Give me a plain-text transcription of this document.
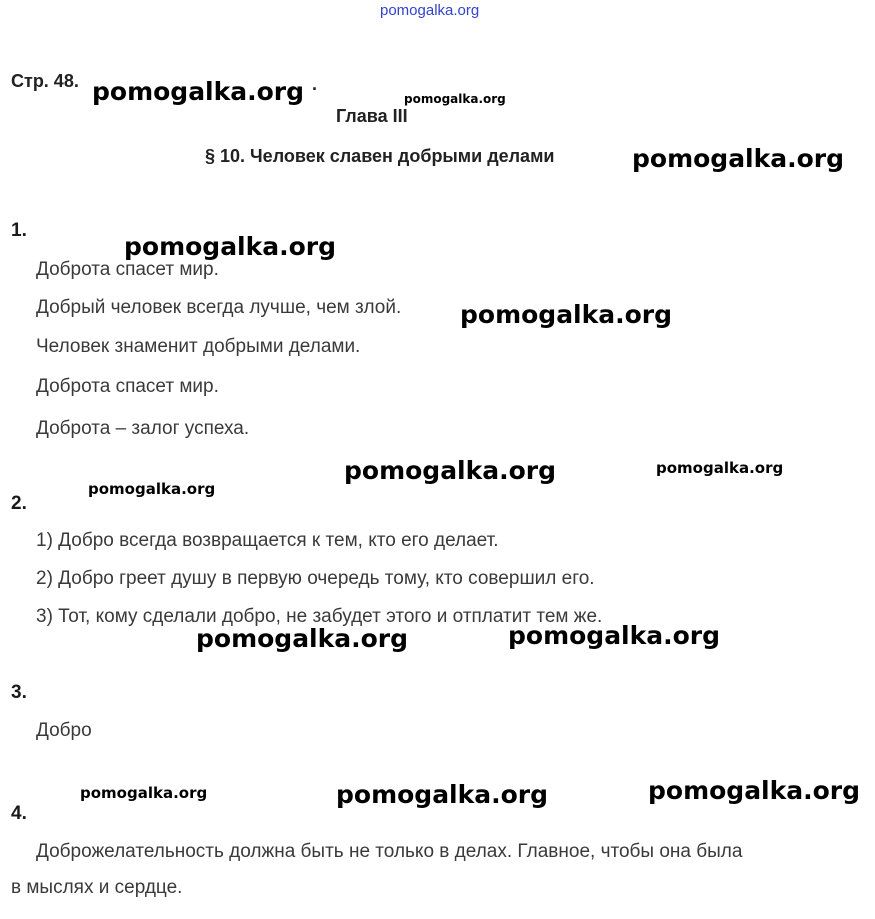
pomogalka.org
Стр. 48.	.
Глава III
§ 10. Человек славен добрыми делами
1.
Доброта спасет мир.
Добрый человек всегда лучше, чем злой.
Человек знаменит добрыми делами.
Доброта спасет мир.
Доброта – залог успеха.
2.
1) Добро всегда возвращается к тем, кто его делает.
2) Добро греет душу в первую очередь тому, кто совершил его.
3) Тот, кому сделали добро, не забудет этого и отплатит тем же.
3.
Добро
4.
Доброжелательность должна быть не только в делах. Главное, чтобы она была
в мыслях и сердце.
pomogalka.org	pomogalka.org
pomogalka.org
pomogalka.org
pomogalka.org
pomogalka.org	pomogalka.org
pomogalka.org
pomogalka.org	pomogalka.org
pomogalka.org	pomogalka.org	pomogalka.org
